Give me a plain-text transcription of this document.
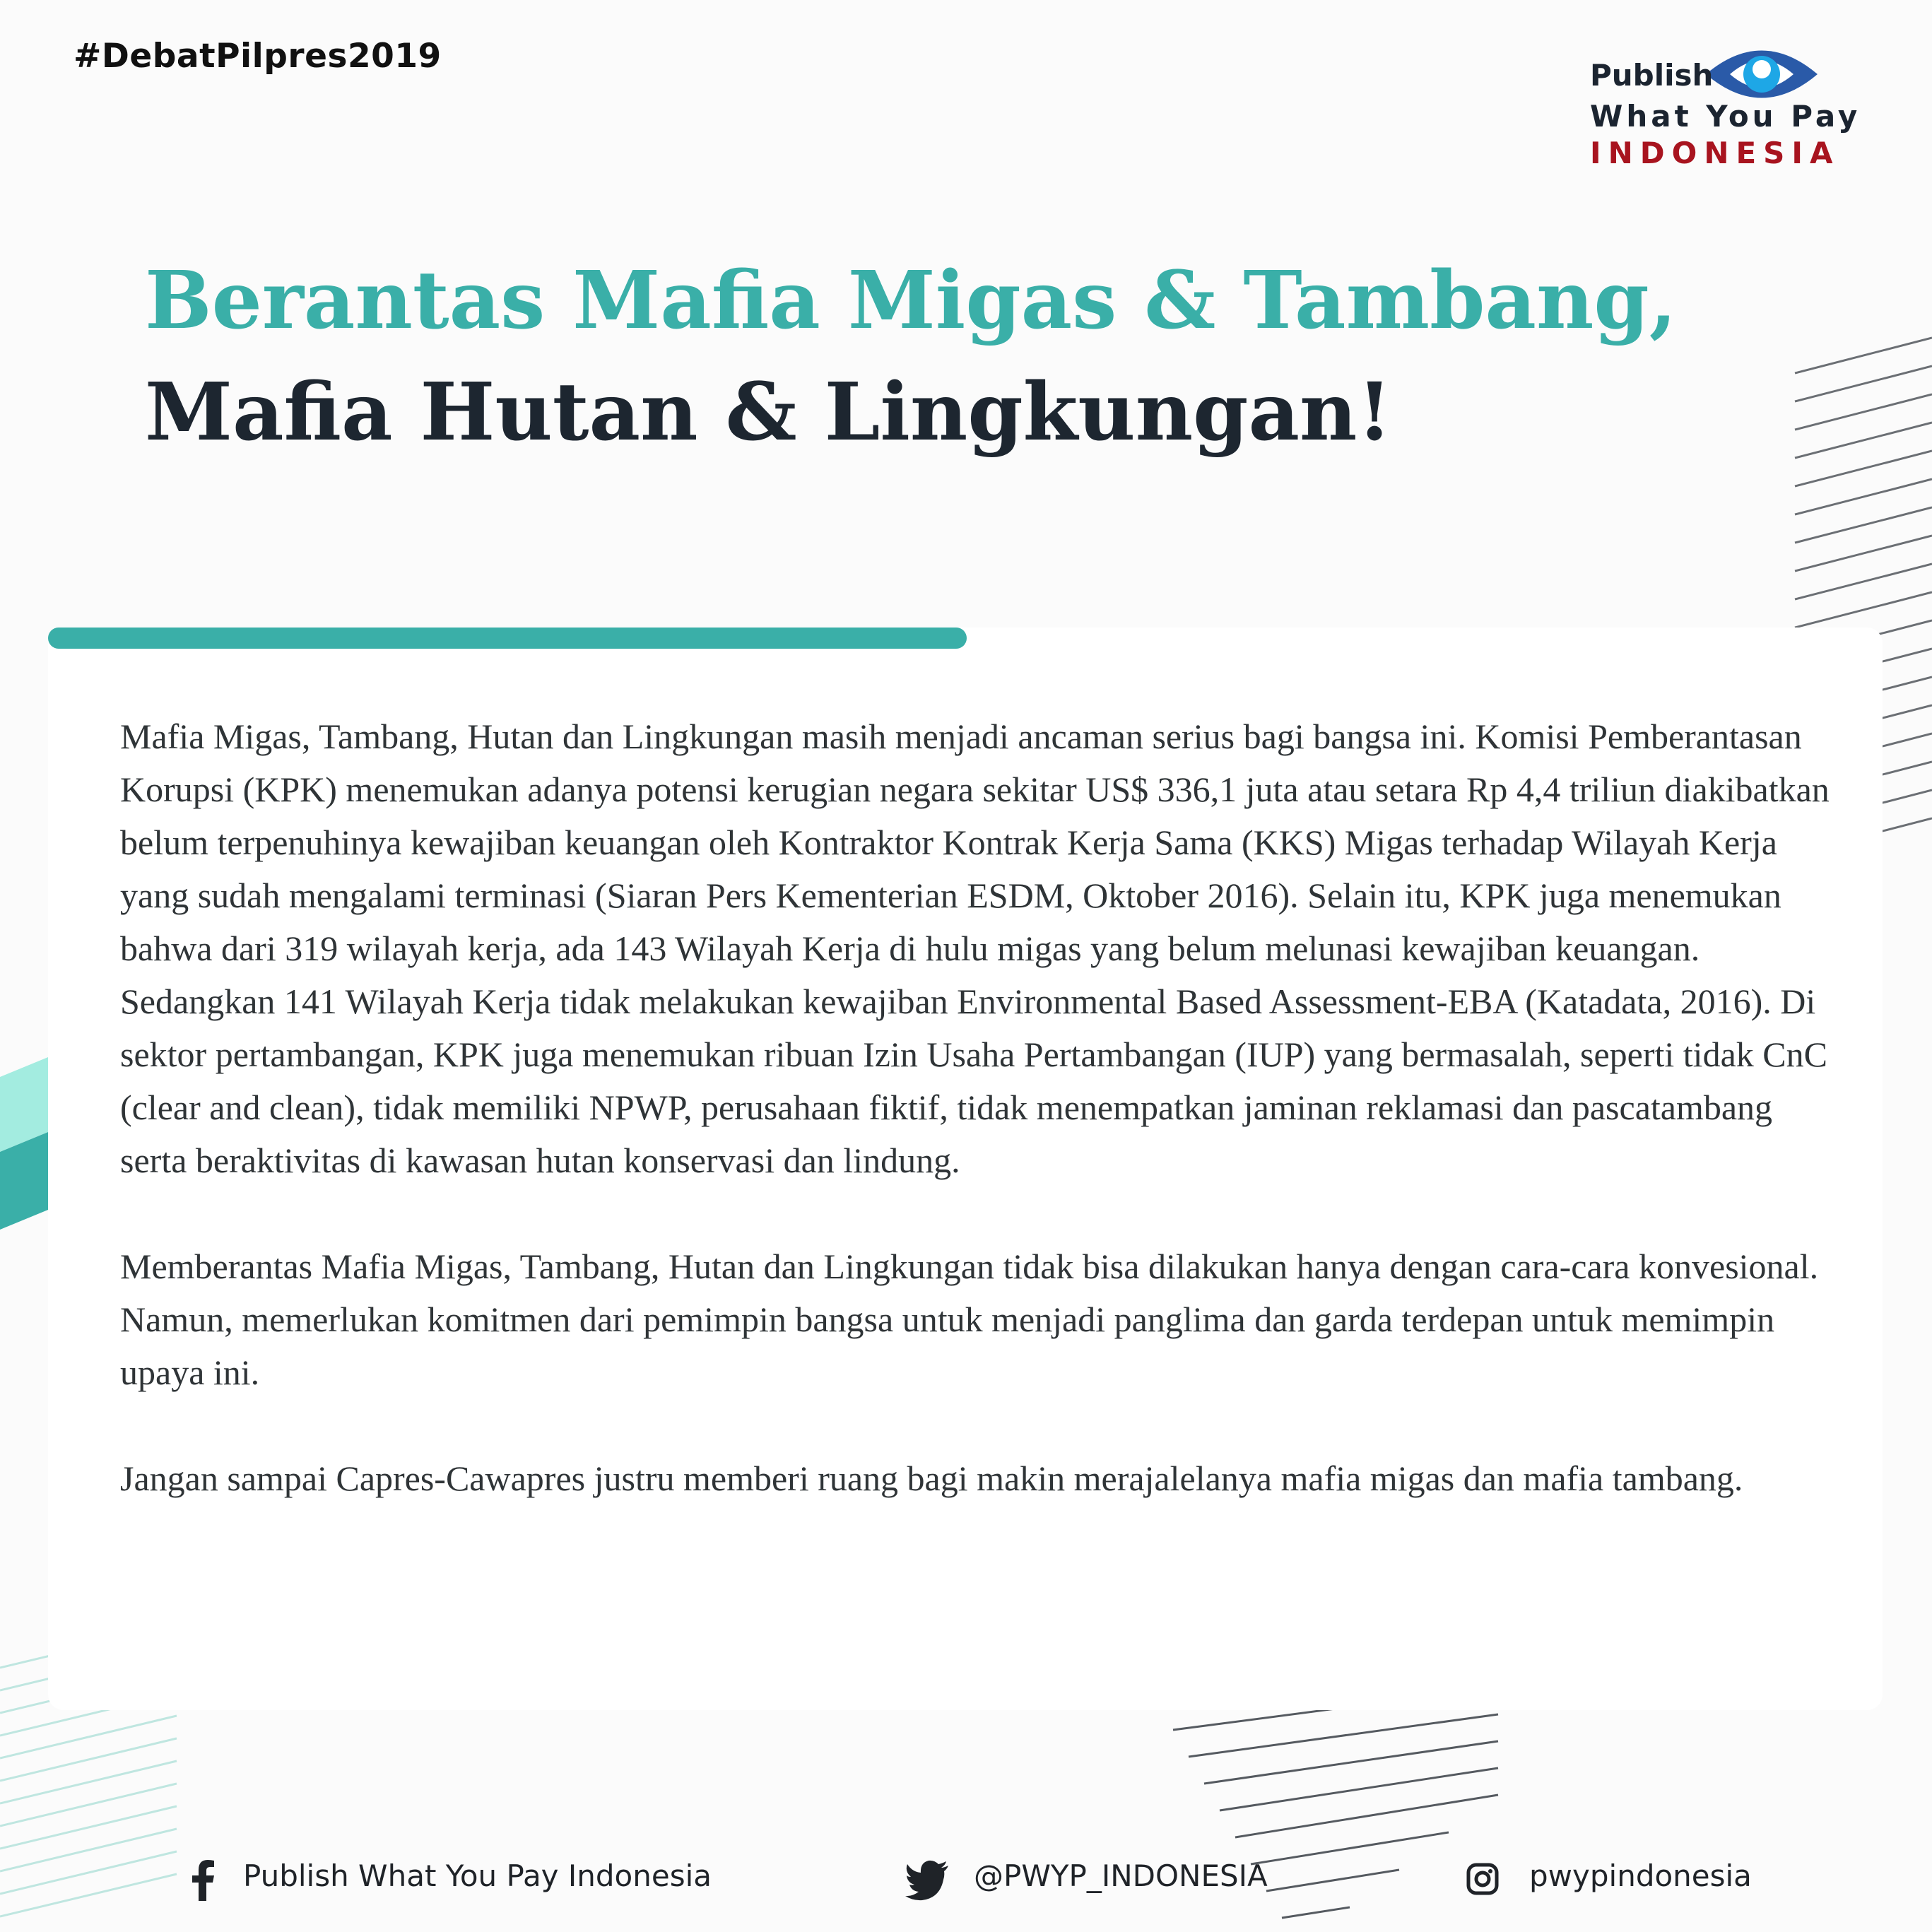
#DebatPilpres2019	Publish

What You Pay

INDONESIA

Berantas Mafia Migas & Tambang,
Mafia Hutan & Lingkungan!

Mafia Migas, Tambang, Hutan dan Lingkungan masih menjadi ancaman serius bagi bangsa ini. Komisi Pemberantasan Korupsi (KPK) menemukan adanya potensi kerugian negara sekitar US$ 336,1 juta atau setara Rp 4,4 triliun diakibatkan belum terpenuhinya kewajiban keuangan oleh Kontraktor Kontrak Kerja Sama (KKS) Migas terhadap Wilayah Kerja yang sudah mengalami terminasi (Siaran Pers Kementerian ESDM, Oktober 2016). Selain itu, KPK juga menemukan bahwa dari 319 wilayah kerja, ada 143 Wilayah Kerja di hulu migas yang belum melunasi kewajiban keuangan. Sedangkan 141 Wilayah Kerja tidak melakukan kewajiban Environmental Based Assessment-EBA (Katadata, 2016). Di sektor pertambangan, KPK juga menemukan ribuan Izin Usaha Pertambangan (IUP) yang bermasalah, seperti tidak CnC (clear and clean), tidak memiliki NPWP, perusahaan fiktif, tidak menempatkan jaminan reklamasi dan pascatambang serta beraktivitas di kawasan hutan konservasi dan lindung.

Memberantas Mafia Migas, Tambang, Hutan dan Lingkungan tidak bisa dilakukan hanya dengan cara-cara konvesional. Namun, memerlukan komitmen dari pemimpin bangsa untuk menjadi panglima dan garda terdepan untuk memimpin upaya ini.

Jangan sampai Capres-Cawapres justru memberi ruang bagi makin merajalelanya mafia migas dan mafia tambang.

Publish What You Pay Indonesia	@PWYP_INDONESIA	pwypindonesia
